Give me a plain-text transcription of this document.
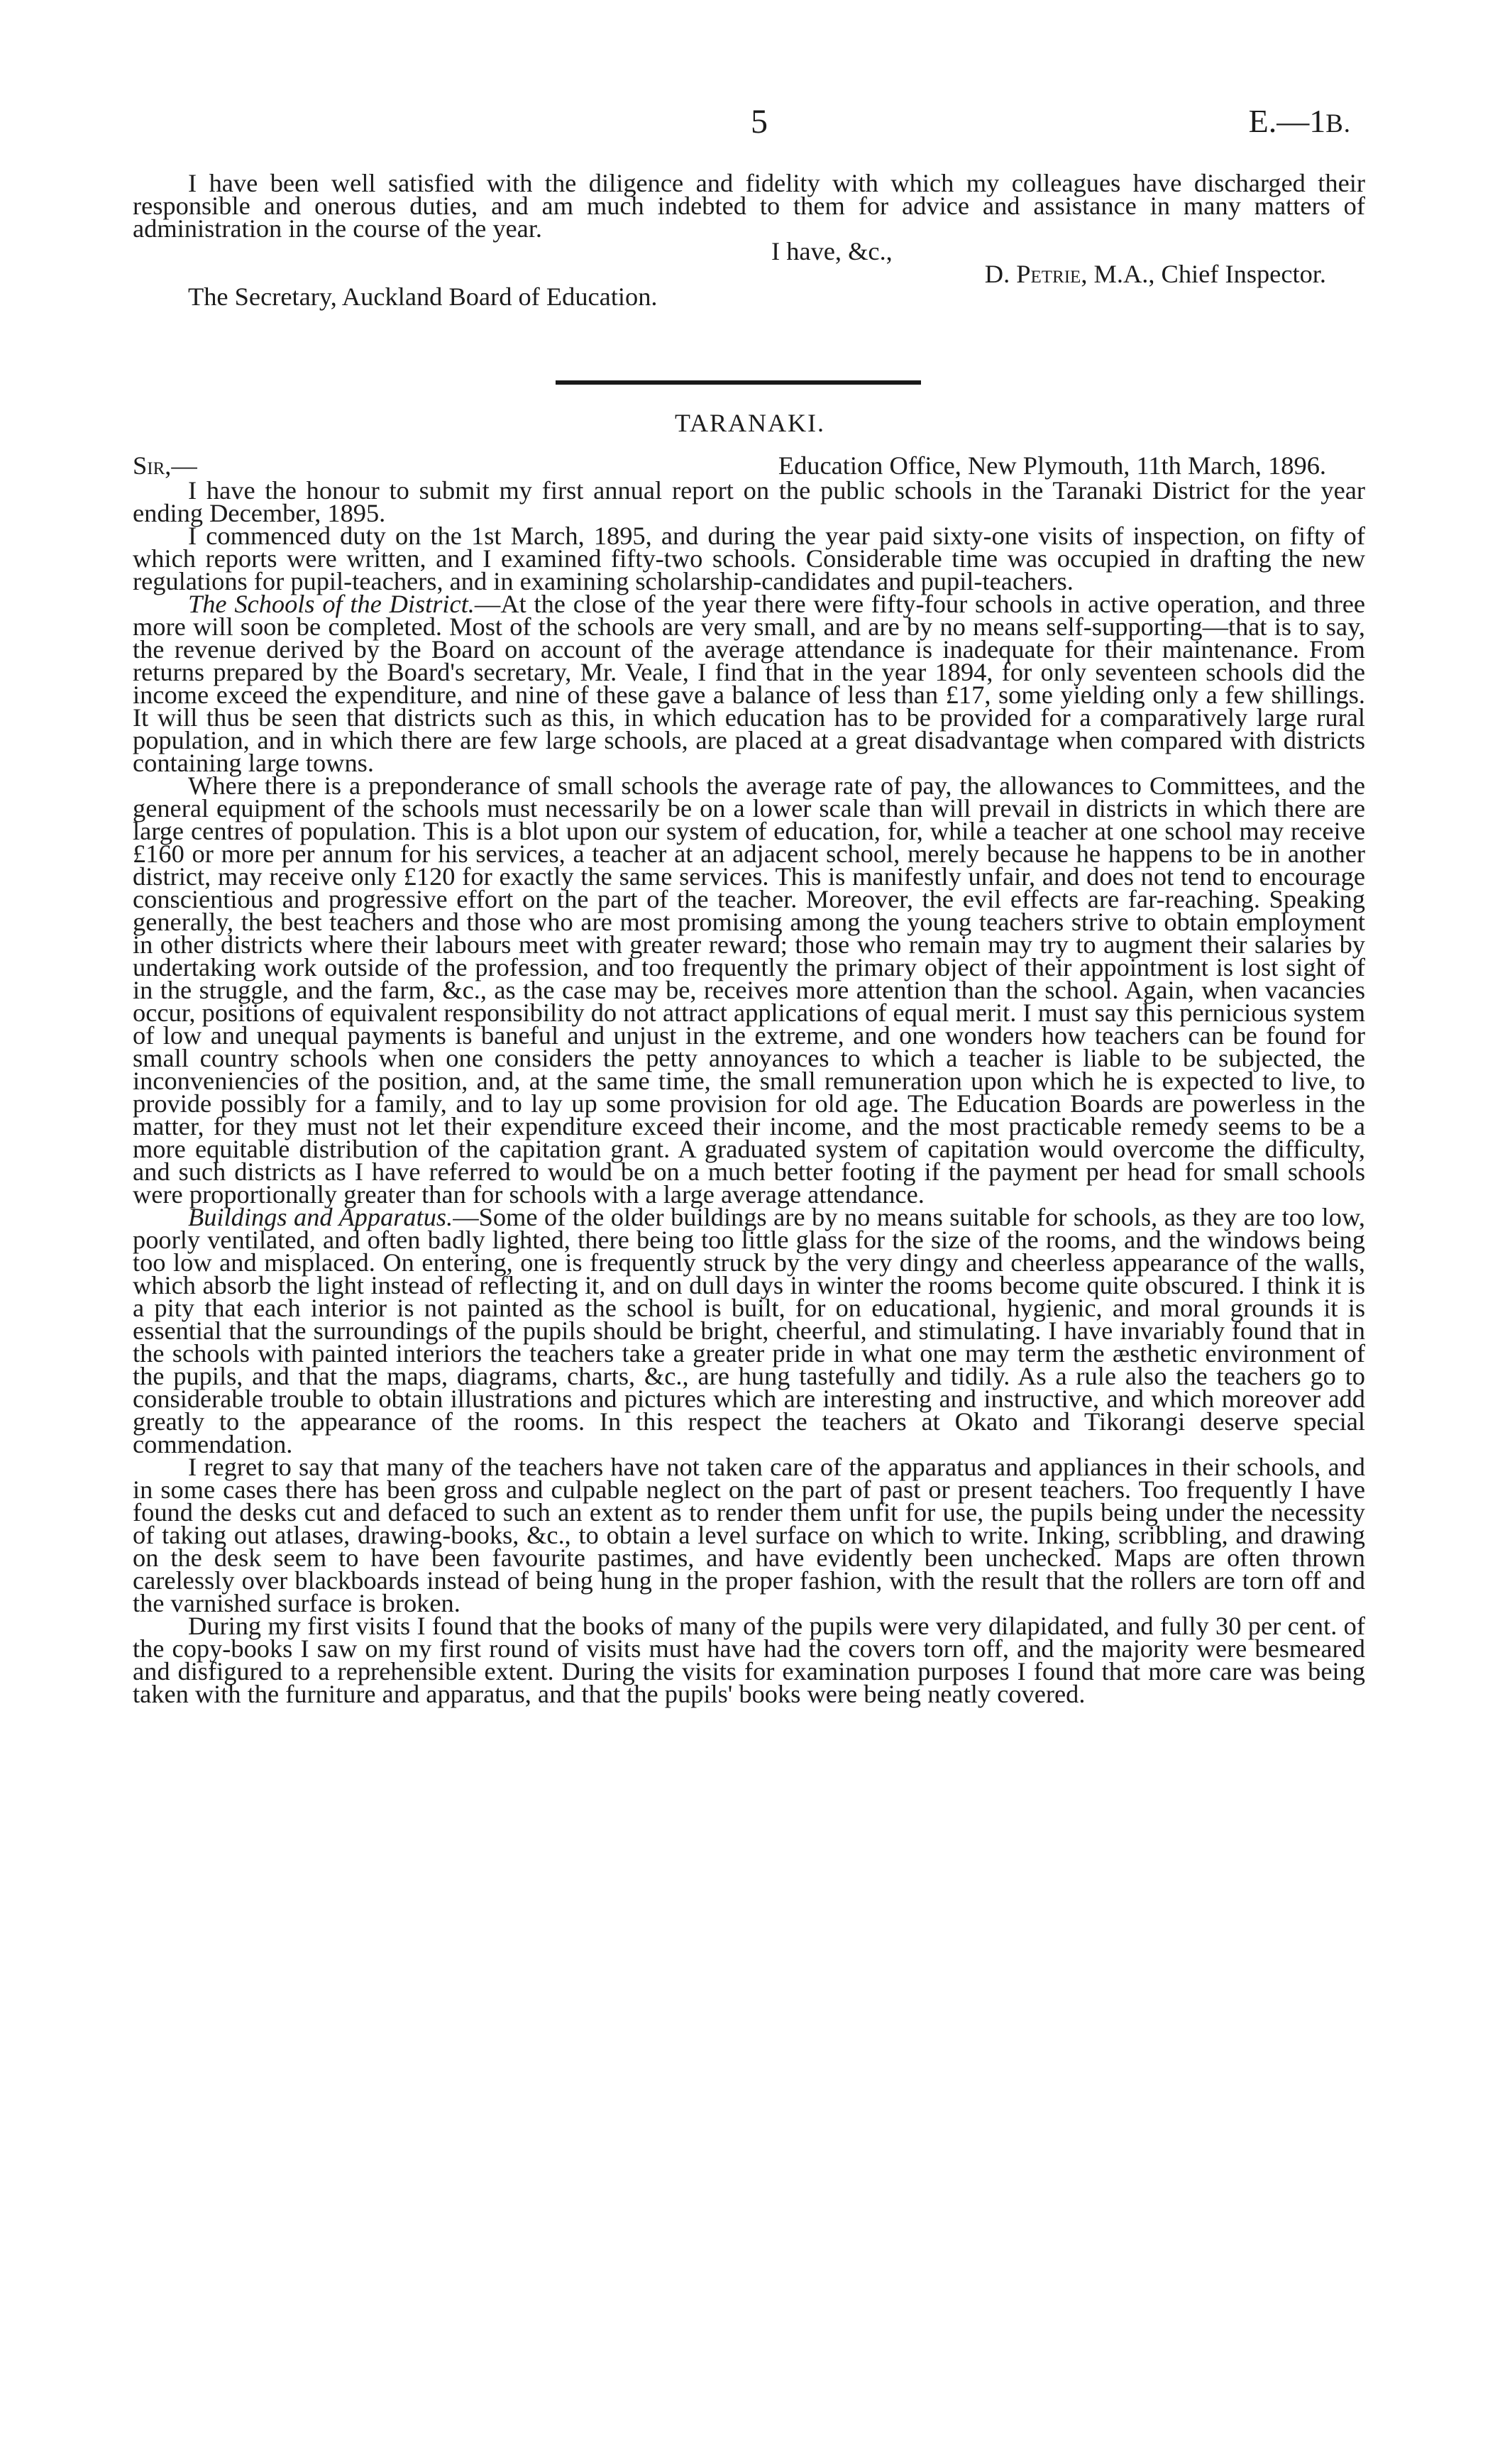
5	E.—1B.

I have been well satisfied with the diligence and fidelity with which my colleagues have discharged their responsible and onerous duties, and am much indebted to them for advice and assistance in many matters of administration in the course of the year.

I have, &c.,
D. Petrie, M.A., Chief Inspector.
The Secretary, Auckland Board of Education.
TARANAKI.
Sir,—	Education Office, New Plymouth, 11th March, 1896.

I have the honour to submit my first annual report on the public schools in the Taranaki District for the year ending December, 1895.

I commenced duty on the 1st March, 1895, and during the year paid sixty-one visits of inspection, on fifty of which reports were written, and I examined fifty-two schools. Considerable time was occupied in drafting the new regulations for pupil-teachers, and in examining scholarship-candidates and pupil-teachers.

The Schools of the District.—At the close of the year there were fifty-four schools in active operation, and three more will soon be completed. Most of the schools are very small, and are by no means self-supporting—that is to say, the revenue derived by the Board on account of the average attendance is inadequate for their maintenance. From returns prepared by the Board's secretary, Mr. Veale, I find that in the year 1894, for only seventeen schools did the income exceed the expenditure, and nine of these gave a balance of less than £17, some yielding only a few shillings. It will thus be seen that districts such as this, in which education has to be provided for a comparatively large rural population, and in which there are few large schools, are placed at a great disadvantage when compared with districts containing large towns.

Where there is a preponderance of small schools the average rate of pay, the allowances to Committees, and the general equipment of the schools must necessarily be on a lower scale than will prevail in districts in which there are large centres of population. This is a blot upon our system of education, for, while a teacher at one school may receive £160 or more per annum for his services, a teacher at an adjacent school, merely because he happens to be in another district, may receive only £120 for exactly the same services. This is manifestly unfair, and does not tend to encourage conscientious and progressive effort on the part of the teacher. Moreover, the evil effects are far-reaching. Speaking generally, the best teachers and those who are most promising among the young teachers strive to obtain employment in other districts where their labours meet with greater reward; those who remain may try to augment their salaries by undertaking work outside of the profession, and too frequently the primary object of their appointment is lost sight of in the struggle, and the farm, &c., as the case may be, receives more attention than the school. Again, when vacancies occur, positions of equivalent responsibility do not attract applications of equal merit. I must say this pernicious system of low and unequal payments is baneful and unjust in the extreme, and one wonders how teachers can be found for small country schools when one considers the petty annoyances to which a teacher is liable to be subjected, the inconveniencies of the position, and, at the same time, the small remuneration upon which he is expected to live, to provide possibly for a family, and to lay up some provision for old age. The Education Boards are powerless in the matter, for they must not let their expenditure exceed their income, and the most practicable remedy seems to be a more equitable distribution of the capitation grant. A graduated system of capitation would overcome the difficulty, and such districts as I have referred to would be on a much better footing if the payment per head for small schools were proportionally greater than for schools with a large average attendance.

Buildings and Apparatus.—Some of the older buildings are by no means suitable for schools, as they are too low, poorly ventilated, and often badly lighted, there being too little glass for the size of the rooms, and the windows being too low and misplaced. On entering, one is frequently struck by the very dingy and cheerless appearance of the walls, which absorb the light instead of reflecting it, and on dull days in winter the rooms become quite obscured. I think it is a pity that each interior is not painted as the school is built, for on educational, hygienic, and moral grounds it is essential that the surroundings of the pupils should be bright, cheerful, and stimulating. I have invariably found that in the schools with painted interiors the teachers take a greater pride in what one may term the æsthetic environment of the pupils, and that the maps, diagrams, charts, &c., are hung tastefully and tidily. As a rule also the teachers go to considerable trouble to obtain illustrations and pictures which are interesting and instructive, and which moreover add greatly to the appearance of the rooms. In this respect the teachers at Okato and Tikorangi deserve special commendation.

I regret to say that many of the teachers have not taken care of the apparatus and appliances in their schools, and in some cases there has been gross and culpable neglect on the part of past or present teachers. Too frequently I have found the desks cut and defaced to such an extent as to render them unfit for use, the pupils being under the necessity of taking out atlases, drawing-books, &c., to obtain a level surface on which to write. Inking, scribbling, and drawing on the desk seem to have been favourite pastimes, and have evidently been unchecked. Maps are often thrown carelessly over blackboards instead of being hung in the proper fashion, with the result that the rollers are torn off and the varnished surface is broken.

During my first visits I found that the books of many of the pupils were very dilapidated, and fully 30 per cent. of the copy-books I saw on my first round of visits must have had the covers torn off, and the majority were besmeared and disfigured to a reprehensible extent. During the visits for examination purposes I found that more care was being taken with the furniture and apparatus, and that the pupils' books were being neatly covered.
